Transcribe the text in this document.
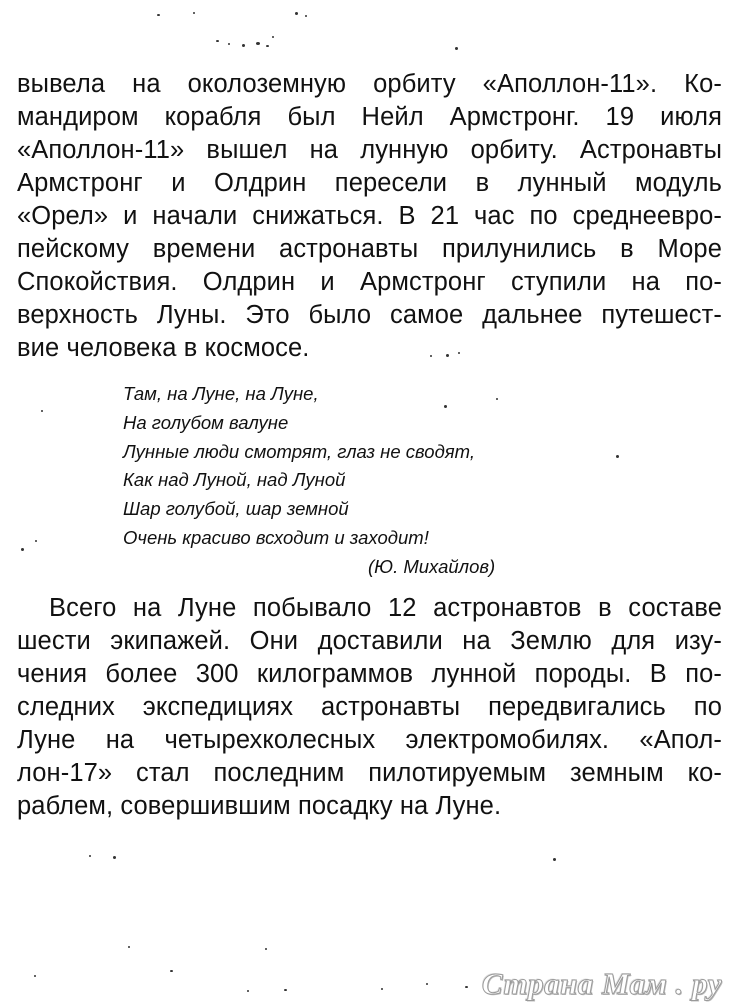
вывела на околоземную орбиту «Аполлон-11». Ко-
мандиром корабля был Нейл Армстронг. 19 июля
«Аполлон-11» вышел на лунную орбиту. Астронавты
Армстронг и Олдрин пересели в лунный модуль
«Орел» и начали снижаться. В 21 час по среднеевро-
пейскому времени астронавты прилунились в Море
Спокойствия. Олдрин и Армстронг ступили на по-
верхность Луны. Это было самое дальнее путешест-
вие человека в космосе.
Там, на Луне, на Луне,
На голубом валуне
Лунные люди смотрят, глаз не сводят,
Как над Луной, над Луной
Шар голубой, шар земной
Очень красиво всходит и заходит!
(Ю. Михайлов)
Всего на Луне побывало 12 астронавтов в составе
шести экипажей. Они доставили на Землю для изу-
чения более 300 килограммов лунной породы. В по-
следних экспедициях астронавты передвигались по
Луне на четырехколесных электромобилях. «Апол-
лон-17» стал последним пилотируемым земным ко-
раблем, совершившим посадку на Луне.
Страна Мам . ру
